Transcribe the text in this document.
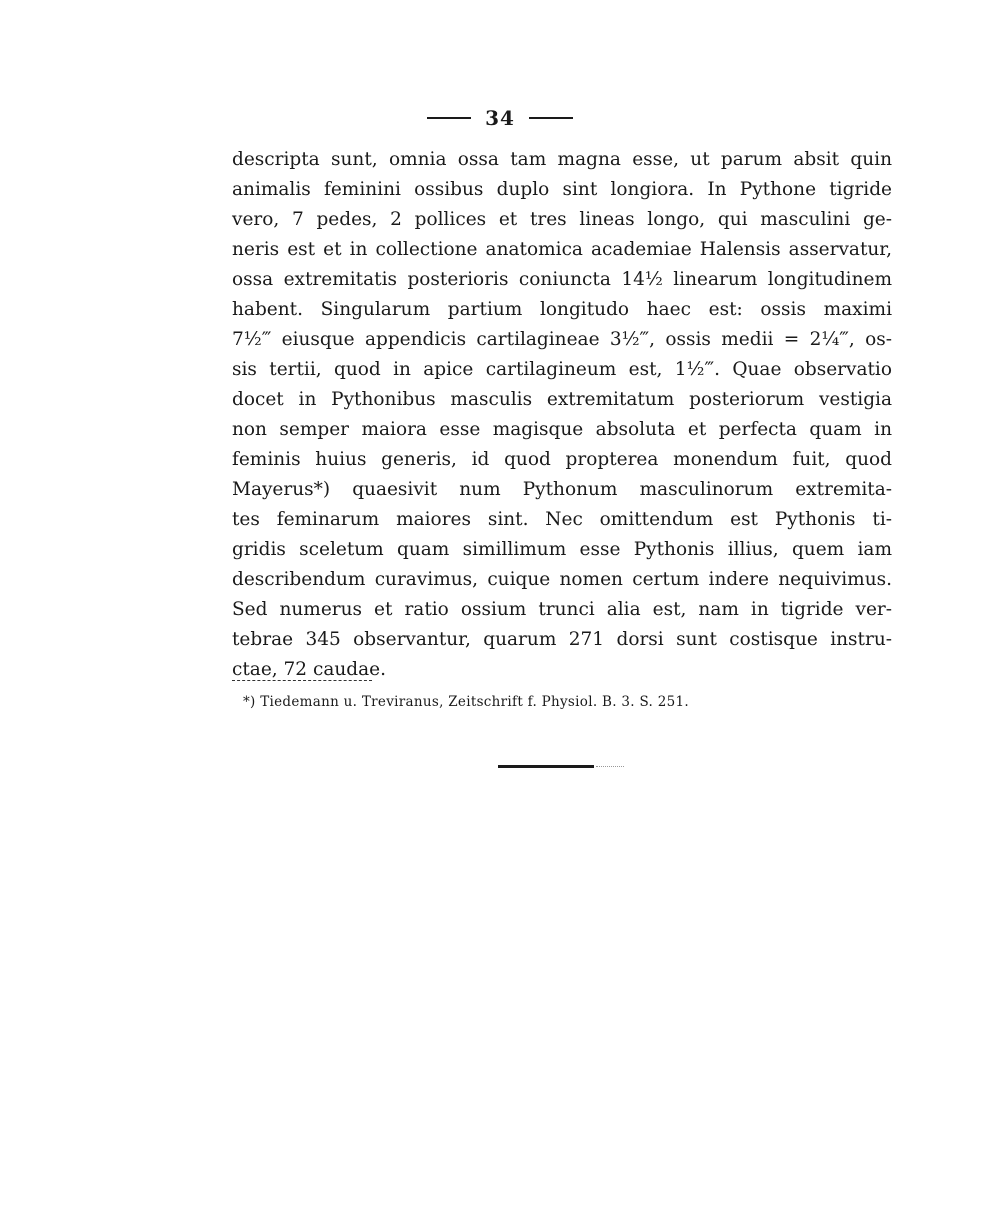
34
descripta sunt, omnia ossa tam magna esse, ut parum absit quin
animalis feminini ossibus duplo sint longiora. In Pythone tigride
vero, 7 pedes, 2 pollices et tres lineas longo, qui masculini ge-
neris est et in collectione anatomica academiae Halensis asservatur,
ossa extremitatis posterioris coniuncta 14½ linearum longitudinem
habent. Singularum partium longitudo haec est: ossis maximi
7½‴ eiusque appendicis cartilagineae 3½‴, ossis medii = 2¼‴, os-
sis tertii, quod in apice cartilagineum est, 1½‴. Quae observatio
docet in Pythonibus masculis extremitatum posteriorum vestigia
non semper maiora esse magisque absoluta et perfecta quam in
feminis huius generis, id quod propterea monendum fuit, quod
Mayerus*) quaesivit num Pythonum masculinorum extremita-
tes feminarum maiores sint. Nec omittendum est Pythonis ti-
gridis sceletum quam simillimum esse Pythonis illius, quem iam
describendum curavimus, cuique nomen certum indere nequivimus.
Sed numerus et ratio ossium trunci alia est, nam in tigride ver-
tebrae 345 observantur, quarum 271 dorsi sunt costisque instru-
ctae, 72 caudae.
*) Tiedemann u. Treviranus, Zeitschrift f. Physiol. B. 3. S. 251.
